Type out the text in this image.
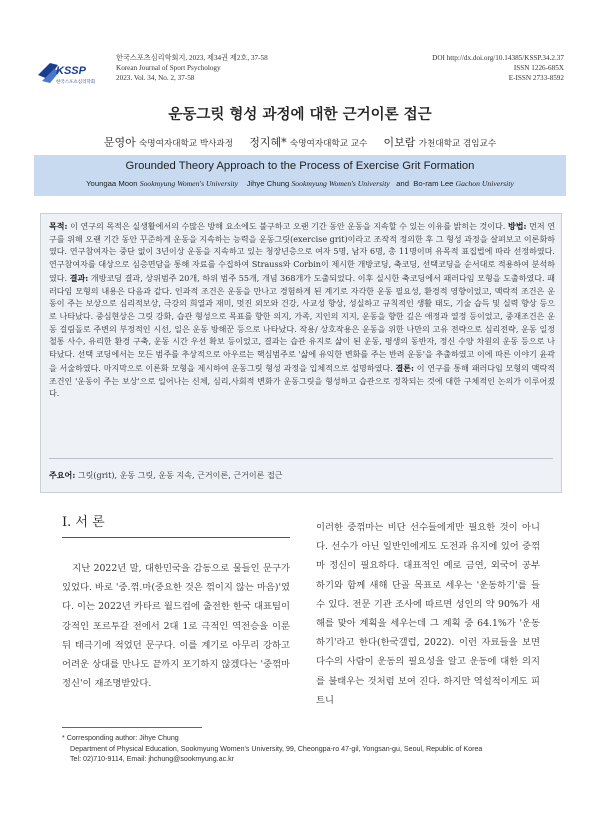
KSSP
한국스포츠심리학회
한국스포츠심리학회지, 2023, 제34권 제2호, 37-58
Korean Journal of Sport Psychology
2023. Vol. 34, No. 2, 37-58
DOI http://dx.doi.org/10.14385/KSSP.34.2.37
ISSN 1226-685X
E-ISSN 2733-8592
운동그릿 형성 과정에 대한 근거이론 접근
문영아 숙명여자대학교 박사과정 정지혜* 숙명여자대학교 교수 이보람 가천대학교 겸임교수
Grounded Theory Approach to the Process of Exercise Grit Formation
Youngaa Moon Sookmyung Women's University Jihye Chung Sookmyung Women's University   and  Bo-ram Lee Gachon University
목적: 이 연구의 목적은 실생활에서의 수많은 방해 요소에도 불구하고 오랜 기간 동안 운동을 지속할 수 있는 이유를 밝히는 것이다. 방법: 먼저 연구를 위해 오랜 기간 동안 꾸준하게 운동을 지속하는 능력을 운동그릿(exercise grit)이라고 조작적 정의한 후 그 형성 과정을 살펴보고 이론화하였다. 연구참여자는 중단 없이 3년이상 운동을 지속하고 있는 청장년층으로 여자 5명, 남자 6명, 총 11명이며 유목적 표집법에 따라 선정하였다. 연구참여자를 대상으로 심층면담을 통해 자료를 수집하여 Strauss와 Corbin이 제시한 개방코딩, 축코딩, 선택코딩을 순서대로 적용하여 분석하였다. 결과: 개방코딩 결과, 상위범주 20개, 하위 범주 55개, 개념 368개가 도출되었다. 이후 실시한 축코딩에서 패러다임 모형을 도출하였다. 패러다임 모형의 내용은 다음과 같다. 인과적 조건은 운동을 만나고 경험하게 된 계기로 자각한 운동 필요성, 환경적 영향이었고, 맥락적 조건은 운동이 주는 보상으로 심리적보상, 극강의 희열과 재미, 멋진 외모와 건강, 사교성 향상, 성실하고 규칙적인 생활 태도, 기술 습득 및 실력 향상 등으로 나타났다. 중심현상은 그릿 강화, 습관 형성으로 목표를 향한 의지, 가족, 지인의 지지, 운동을 향한 깊은 애정과 열정 등이었고, 중재조건은 운동 걸림돌로 주변의 부정적인 시선, 일은 운동 방해꾼 등으로 나타났다. 작용/ 상호작용은 운동을 위한 나만의 고유 전략으로 심리전략, 운동 일정 철통 사수, 유리한 환경 구축, 운동 시간 우선 확보 등이었고, 결과는 습관 유지로 삶이 된 운동, 평생의 동반자, 정신 수양 차원의 운동 등으로 나타났다. 선택 코딩에서는 모든 범주를 추상적으로 아우르는 핵심범주로 '삶에 유익한 변화를 주는 반려 운동'을 추출하였고 이에 따른 이야기 윤곽을 서술하였다. 마지막으로 이론화 모형을 제시하여 운동그릿 형성 과정을 입체적으로 설명하였다. 결론: 이 연구를 통해 패러다임 모형의 맥락적 조건인 '운동이 주는 보상'으로 일어나는 신체, 심리,사회적 변화가 운동그릿을 형성하고 습관으로 정착되는 것에 대한 구체적인 논의가 이루어졌다.
주요어: 그릿(grit), 운동 그릿, 운동 지속, 근거이론, 근거이론 접근
I. 서 론
지난 2022년 말, 대한민국을 감동으로 물들인 문구가 있었다. 바로 '중.꺾.마(중요한 것은 꺾이지 않는 마음)'였다. 이는 2022년 카타르 월드컵에 출전한 한국 대표팀이 강적인 포르투갈 전에서 2대 1로 극적인 역전승을 이룬 뒤 태극기에 적었던 문구다. 이를 계기로 아무리 강하고 어려운 상대를 만나도 끝까지 포기하지 않겠다는 '중꺾마 정신'이 재조명받았다.
이러한 중꺾마는 비단 선수들에게만 필요한 것이 아니다. 선수가 아닌 일반인에게도 도전과 유지에 있어 중꺾마 정신이 필요하다. 대표적인 예로 금연, 외국어 공부하기와 함께 새해 단골 목표로 세우는 '운동하기'를 들 수 있다. 전문 기관 조사에 따르면 성인의 약 90%가 새해를 맞아 계획을 세우는데 그 계획 중 64.1%가 '운동하기'라고 한다(한국갤럽, 2022). 이런 자료들을 보면 다수의 사람이 운동의 필요성을 알고 운동에 대한 의지를 불태우는 것처럼 보여 진다. 하지만 역설적이게도 피트니
* Corresponding author: Jihye Chung
Department of Physical Education, Sookmyung Women's University, 99, Cheongpa-ro 47-gil, Yongsan-gu, Seoul, Republic of Korea
Tel: 02)710-9114, Email: jhchung@sookmyung.ac.kr
